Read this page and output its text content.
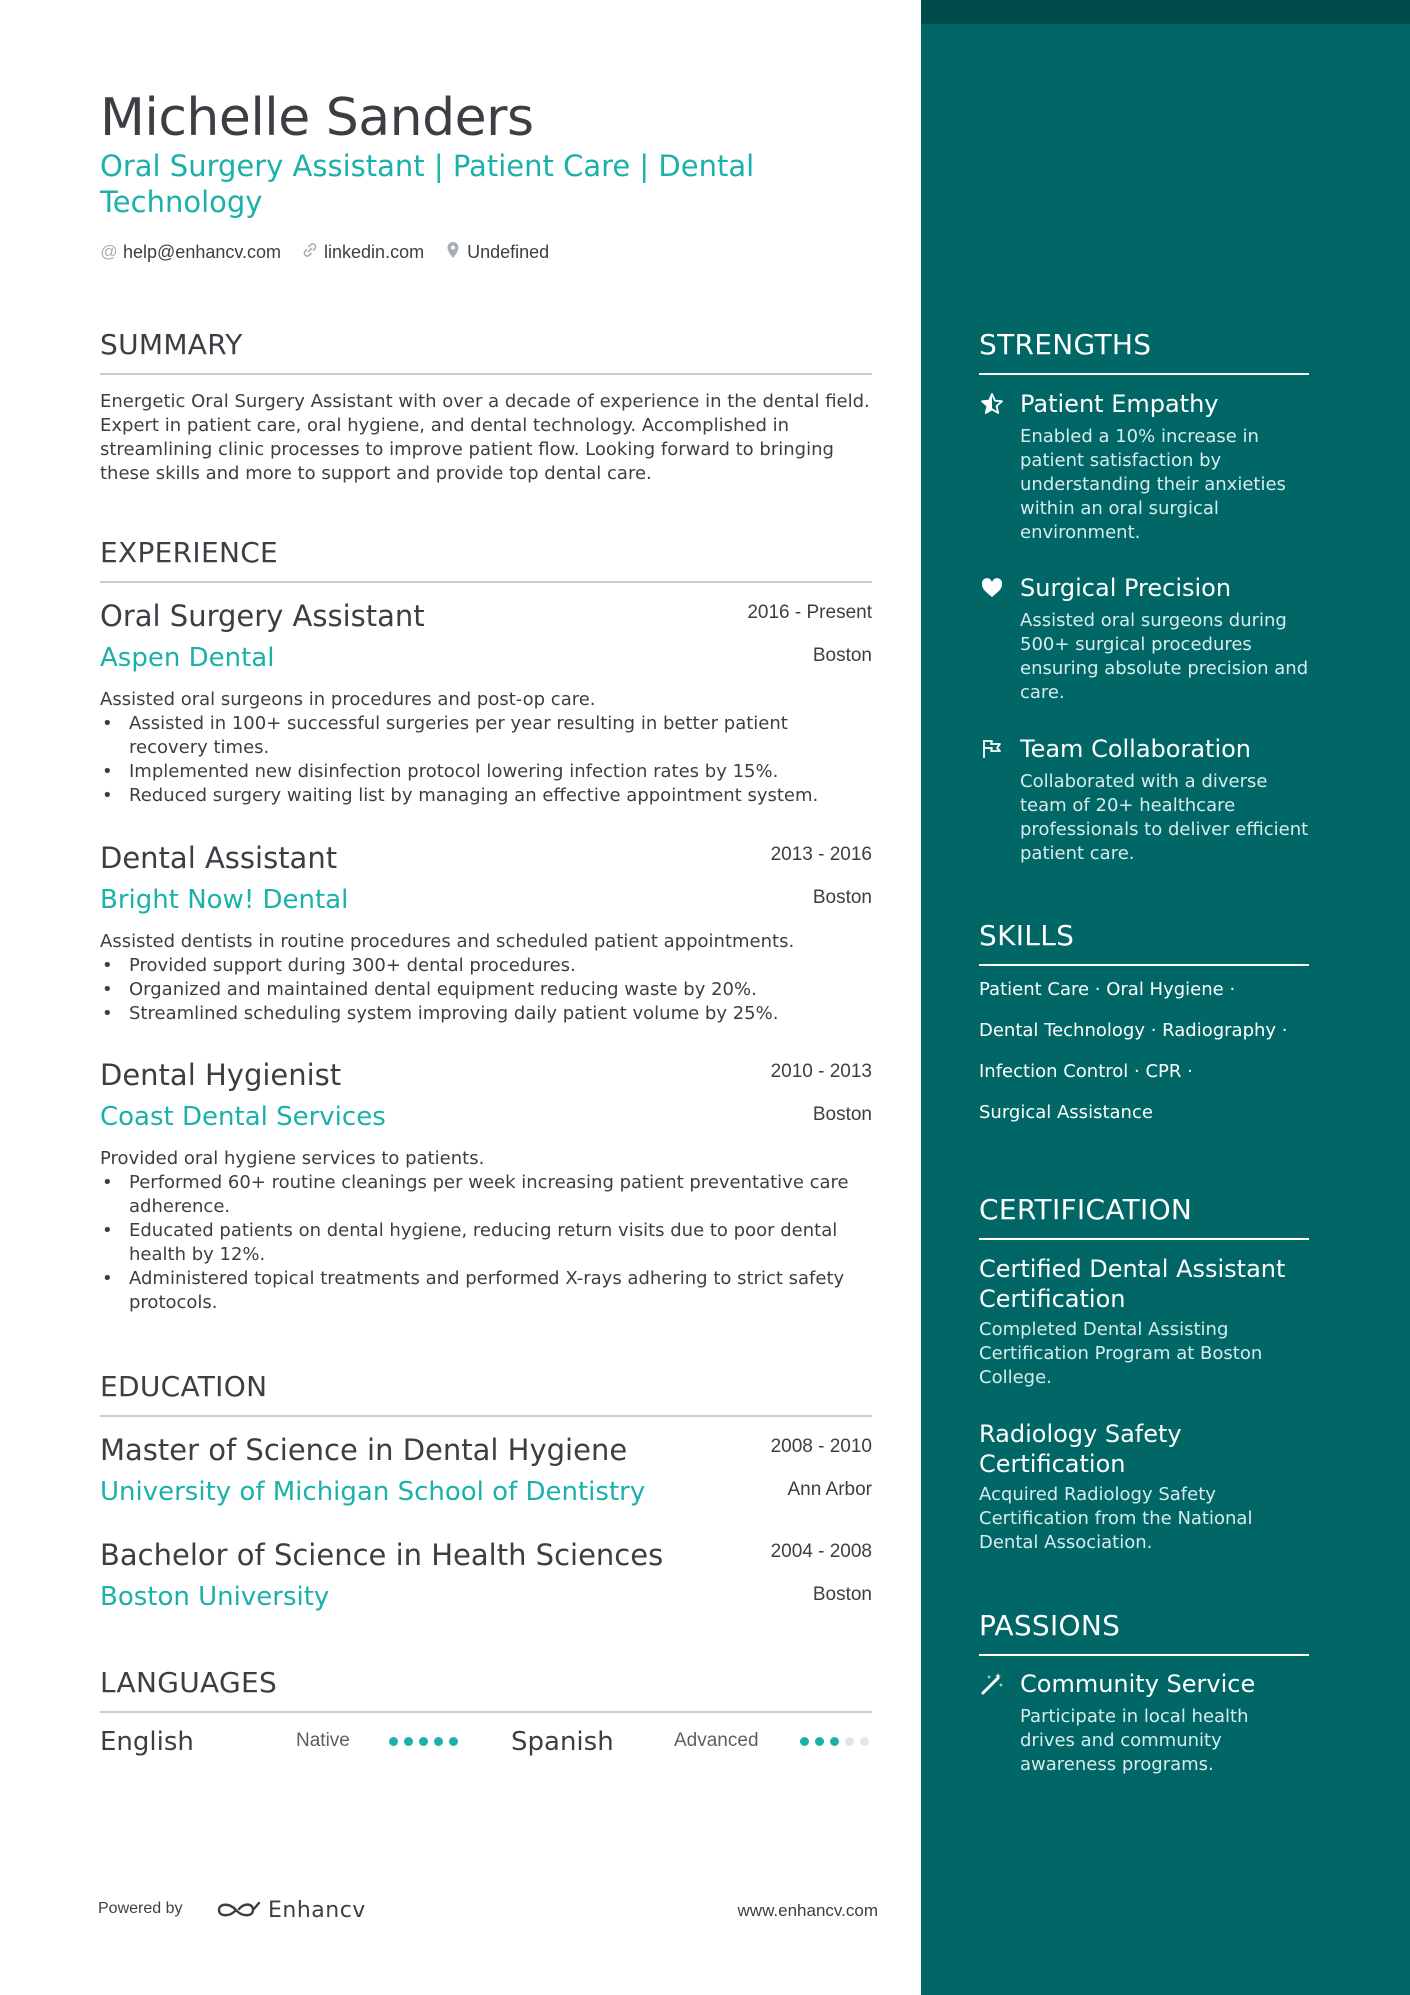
Michelle Sanders
Oral Surgery Assistant | Patient Care | Dental Technology
@ help@enhancv.com linkedin.com Undefined
SUMMARY
Energetic Oral Surgery Assistant with over a decade of experience in the dental field. Expert in patient care, oral hygiene, and dental technology. Accomplished in streamlining clinic processes to improve patient flow. Looking forward to bringing these skills and more to support and provide top dental care.
EXPERIENCE
Oral Surgery Assistant	2016 - Present
Aspen Dental	Boston
Assisted oral surgeons in procedures and post-op care.
• Assisted in 100+ successful surgeries per year resulting in better patient recovery times.
• Implemented new disinfection protocol lowering infection rates by 15%.
• Reduced surgery waiting list by managing an effective appointment system.
Dental Assistant	2013 - 2016
Bright Now! Dental	Boston
Assisted dentists in routine procedures and scheduled patient appointments.
• Provided support during 300+ dental procedures.
• Organized and maintained dental equipment reducing waste by 20%.
• Streamlined scheduling system improving daily patient volume by 25%.
Dental Hygienist	2010 - 2013
Coast Dental Services	Boston
Provided oral hygiene services to patients.
• Performed 60+ routine cleanings per week increasing patient preventative care adherence.
• Educated patients on dental hygiene, reducing return visits due to poor dental health by 12%.
• Administered topical treatments and performed X-rays adhering to strict safety protocols.
EDUCATION
Master of Science in Dental Hygiene	2008 - 2010
University of Michigan School of Dentistry	Ann Arbor
Bachelor of Science in Health Sciences	2004 - 2008
Boston University	Boston
LANGUAGES
English	Native	Spanish	Advanced
Powered by	Enhancv	www.enhancv.com
STRENGTHS
Patient Empathy
Enabled a 10% increase in patient satisfaction by understanding their anxieties within an oral surgical environment.
Surgical Precision
Assisted oral surgeons during 500+ surgical procedures ensuring absolute precision and care.
Team Collaboration
Collaborated with a diverse team of 20+ healthcare professionals to deliver efficient patient care.
SKILLS
Patient Care · Oral Hygiene ·
Dental Technology · Radiography ·
Infection Control · CPR ·
Surgical Assistance
CERTIFICATION
Certified Dental Assistant Certification
Completed Dental Assisting Certification Program at Boston College.
Radiology Safety Certification
Acquired Radiology Safety Certification from the National Dental Association.
PASSIONS
Community Service
Participate in local health drives and community awareness programs.
